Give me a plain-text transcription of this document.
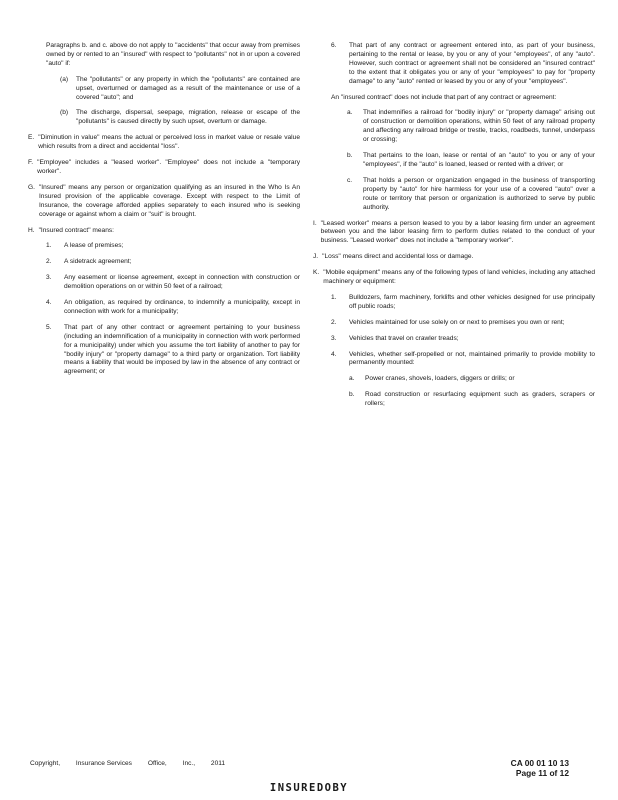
Paragraphs b. and c. above do not apply to "accidents" that occur away from premises owned by or rented to an "insured" with respect to "pollutants" not in or upon a covered "auto" if:

(a)	The "pollutants" or any property in which the "pollutants" are contained are upset, overturned or damaged as a result of the maintenance or use of a covered "auto"; and
(b)	The discharge, dispersal, seepage, migration, release or escape of the "pollutants" is caused directly by such upset, overturn or damage.
E. "Diminution in value" means the actual or perceived loss in market value or resale value which results from a direct and accidental "loss".
F. "Employee" includes a "leased worker". "Employee" does not include a "temporary worker".
G. "Insured" means any person or organization qualifying as an insured in the Who Is An Insured provision of the applicable coverage. Except with respect to the Limit of Insurance, the coverage afforded applies separately to each insured who is seeking coverage or against whom a claim or "suit" is brought.
H. "Insured contract" means:
1.	A lease of premises;
2.	A sidetrack agreement;
3.	Any easement or license agreement, except in connection with construction or demolition operations on or within 50 feet of a railroad;
4.	An obligation, as required by ordinance, to indemnify a municipality, except in connection with work for a municipality;
5.	That part of any other contract or agreement pertaining to your business (including an indemnification of a municipality in connection with work performed for a municipality) under which you assume the tort liability of another to pay for "bodily injury" or "property damage" to a third party or organization. Tort liability means a liability that would be imposed by law in the absence of any contract or agreement; or
6.	That part of any contract or agreement entered into, as part of your business, pertaining to the rental or lease, by you or any of your "employees", of any "auto". However, such contract or agreement shall not be considered an "insured contract" to the extent that it obligates you or any of your "employees" to pay for "property damage" to any "auto" rented or leased by you or any of your "employees".

An "insured contract" does not include that part of any contract or agreement:

a.	That indemnifies a railroad for "bodily injury" or "property damage" arising out of construction or demolition operations, within 50 feet of any railroad property and affecting any railroad bridge or trestle, tracks, roadbeds, tunnel, underpass or crossing;
b.	That pertains to the loan, lease or rental of an "auto" to you or any of your "employees", if the "auto" is loaned, leased or rented with a driver; or
c.	That holds a person or organization engaged in the business of transporting property by "auto" for hire harmless for your use of a covered "auto" over a route or territory that person or organization is authorized to serve by public authority.
I. "Leased worker" means a person leased to you by a labor leasing firm under an agreement between you and the labor leasing firm to perform duties related to the conduct of your business. "Leased worker" does not include a "temporary worker".
J. "Loss" means direct and accidental loss or damage.
K. "Mobile equipment" means any of the following types of land vehicles, including any attached machinery or equipment:
1.	Bulldozers, farm machinery, forklifts and other vehicles designed for use principally off public roads;
2.	Vehicles maintained for use solely on or next to premises you own or rent;
3.	Vehicles that travel on crawler treads;
4.	Vehicles, whether self-propelled or not, maintained primarily to provide mobility to permanently mounted:
a.	Power cranes, shovels, loaders, diggers or drills; or
b.	Road construction or resurfacing equipment such as graders, scrapers or rollers;
Copyright, Insurance Services Office, Inc., 2011	CA 00 01 10 13
Page 11 of 12
INSUREDOBY
